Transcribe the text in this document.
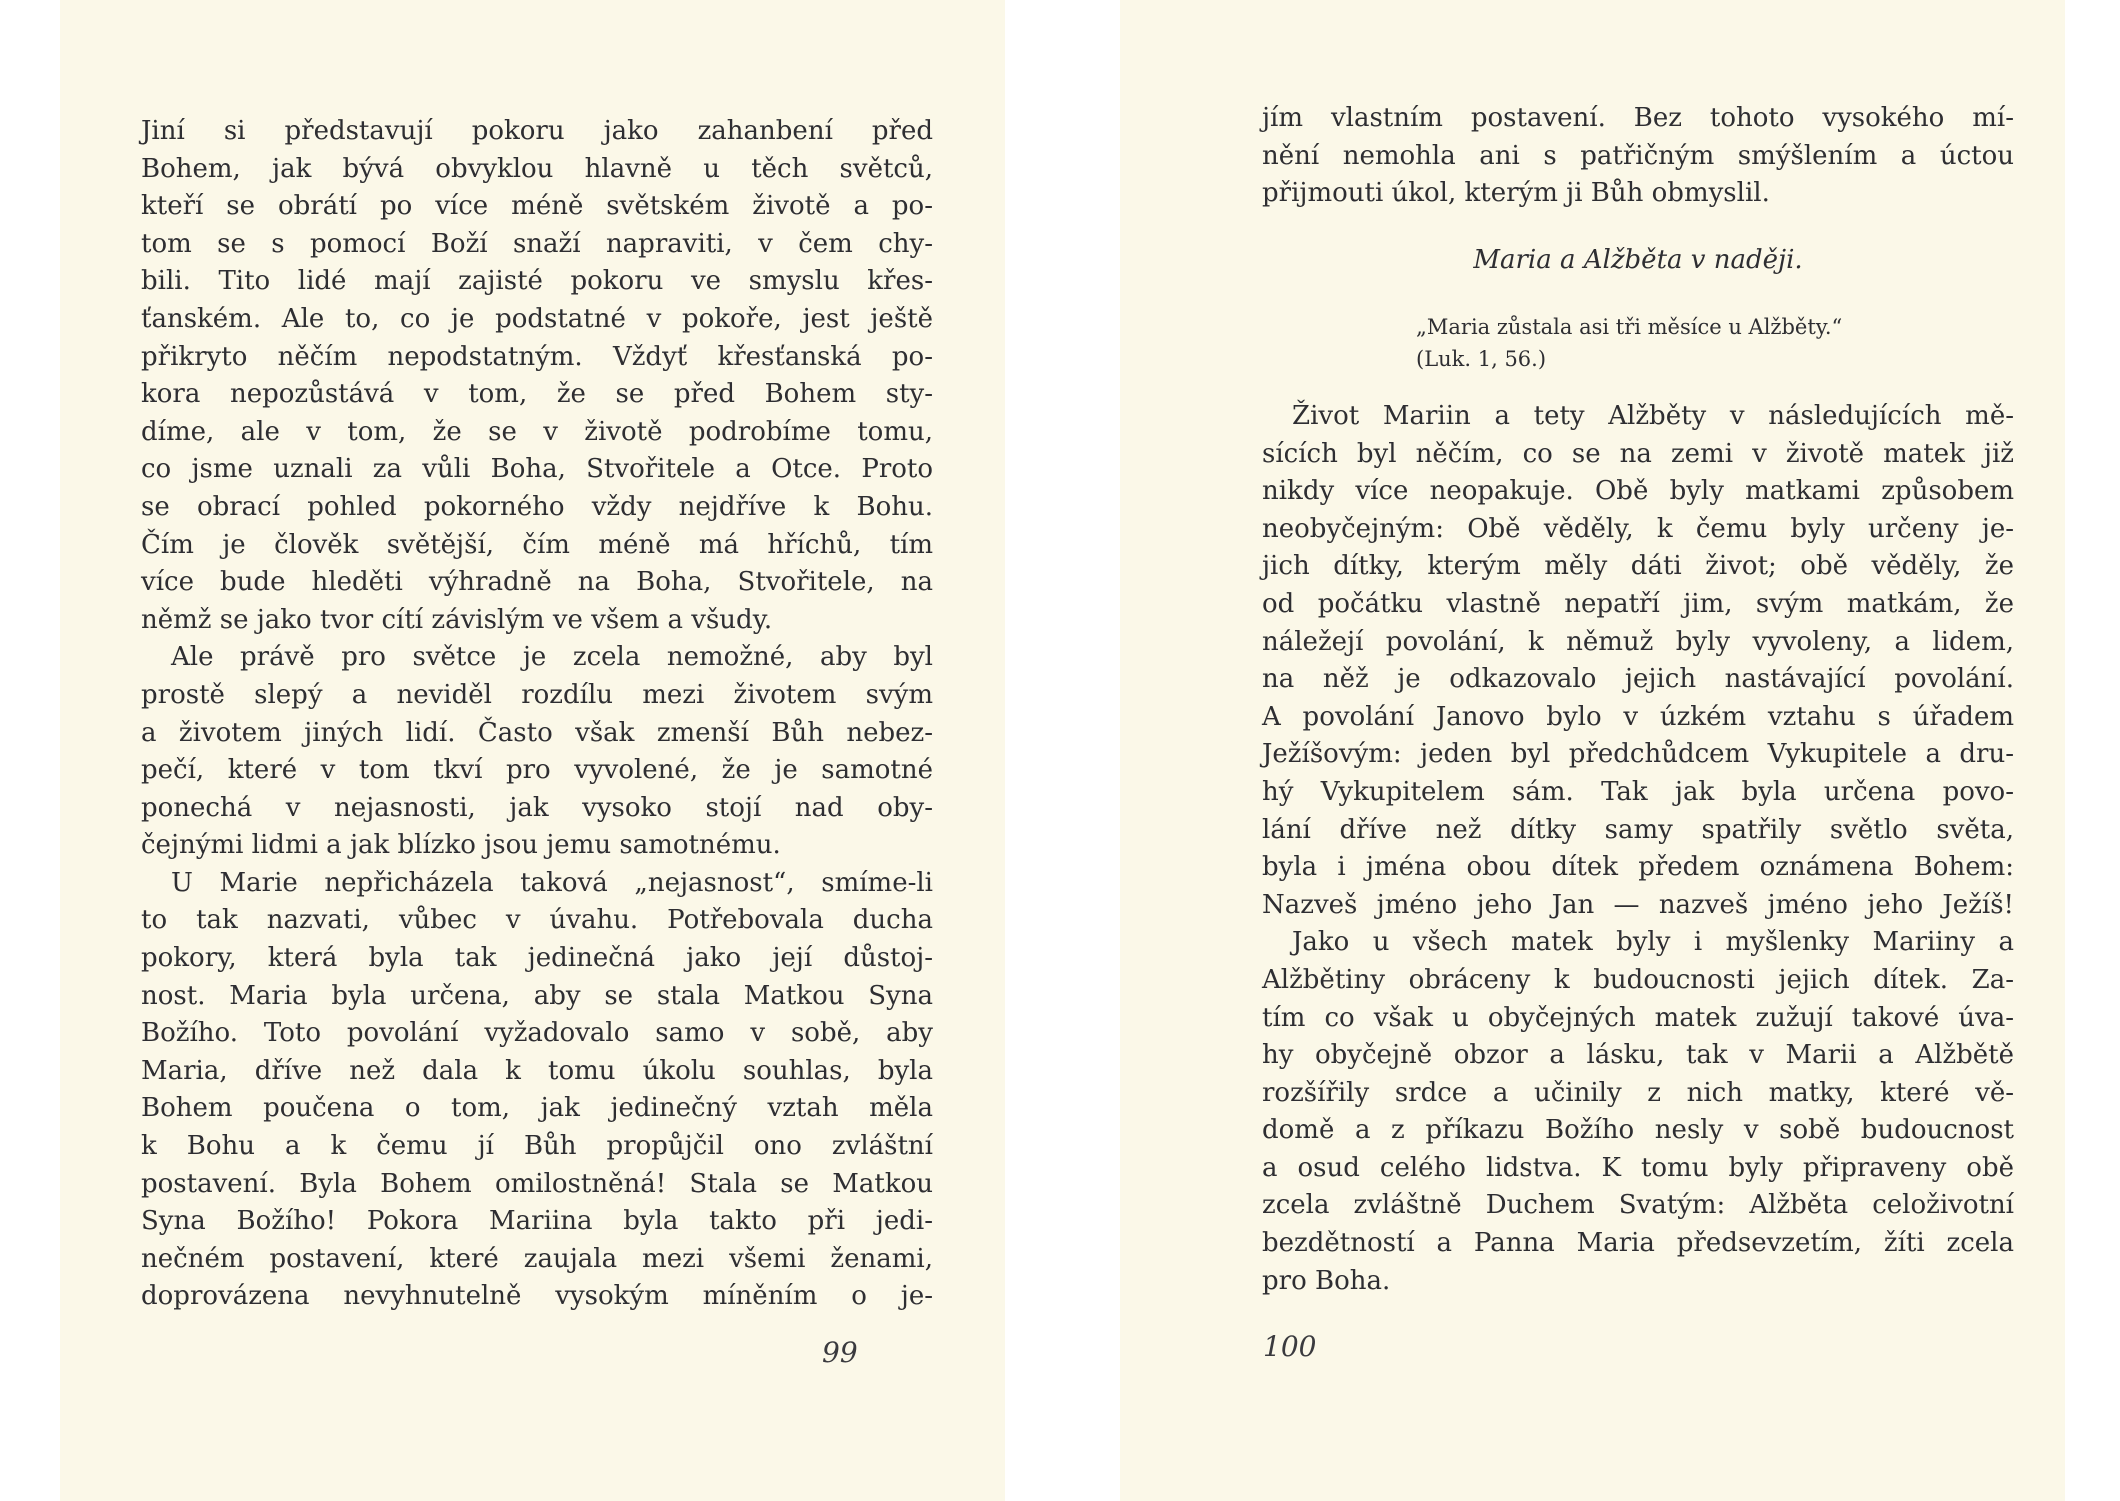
Jiní si představují pokoru jako zahanbení před
Bohem, jak bývá obvyklou hlavně u těch světců,
kteří se obrátí po více méně světském životě a po-
tom se s pomocí Boží snaží napraviti, v čem chy-
bili. Tito lidé mají zajisté pokoru ve smyslu křes-
ťanském. Ale to, co je podstatné v pokoře, jest ještě
přikryto něčím nepodstatným. Vždyť křesťanská po-
kora nepozůstává v tom, že se před Bohem sty-
díme, ale v tom, že se v životě podrobíme tomu,
co jsme uznali za vůli Boha, Stvořitele a Otce. Proto
se obrací pohled pokorného vždy nejdříve k Bohu.
Čím je člověk světější, čím méně má hříchů, tím
více bude hleděti výhradně na Boha, Stvořitele, na
němž se jako tvor cítí závislým ve všem a všudy.
Ale právě pro světce je zcela nemožné, aby byl
prostě slepý a neviděl rozdílu mezi životem svým
a životem jiných lidí. Často však zmenší Bůh nebez-
pečí, které v tom tkví pro vyvolené, že je samotné
ponechá v nejasnosti, jak vysoko stojí nad oby-
čejnými lidmi a jak blízko jsou jemu samotnému.
U Marie nepřicházela taková „nejasnost“, smíme-li
to tak nazvati, vůbec v úvahu. Potřebovala ducha
pokory, která byla tak jedinečná jako její důstoj-
nost. Maria byla určena, aby se stala Matkou Syna
Božího. Toto povolání vyžadovalo samo v sobě, aby
Maria, dříve než dala k tomu úkolu souhlas, byla
Bohem poučena o tom, jak jedinečný vztah měla
k Bohu a k čemu jí Bůh propůjčil ono zvláštní
postavení. Byla Bohem omilostněná! Stala se Matkou
Syna Božího! Pokora Mariina byla takto při jedi-
nečném postavení, které zaujala mezi všemi ženami,
doprovázena nevyhnutelně vysokým míněním o je-
99
jím vlastním postavení. Bez tohoto vysokého mí-
nění nemohla ani s patřičným smýšlením a úctou
přijmouti úkol, kterým ji Bůh obmyslil.
Maria a Alžběta v naději.
„Maria zůstala asi tři měsíce u Alžběty.“
(Luk. 1, 56.)
Život Mariin a tety Alžběty v následujících mě-
sících byl něčím, co se na zemi v životě matek již
nikdy více neopakuje. Obě byly matkami způsobem
neobyčejným: Obě věděly, k čemu byly určeny je-
jich dítky, kterým měly dáti život; obě věděly, že
od počátku vlastně nepatří jim, svým matkám, že
náležejí povolání, k němuž byly vyvoleny, a lidem,
na něž je odkazovalo jejich nastávající povolání.
A povolání Janovo bylo v úzkém vztahu s úřadem
Ježíšovým: jeden byl předchůdcem Vykupitele a dru-
hý Vykupitelem sám. Tak jak byla určena povo-
lání dříve než dítky samy spatřily světlo světa,
byla i jména obou dítek předem oznámena Bohem:
Nazveš jméno jeho Jan — nazveš jméno jeho Ježíš!
Jako u všech matek byly i myšlenky Mariiny a
Alžbětiny obráceny k budoucnosti jejich dítek. Za-
tím co však u obyčejných matek zužují takové úva-
hy obyčejně obzor a lásku, tak v Marii a Alžbětě
rozšířily srdce a učinily z nich matky, které vě-
domě a z příkazu Božího nesly v sobě budoucnost
a osud celého lidstva. K tomu byly připraveny obě
zcela zvláštně Duchem Svatým: Alžběta celoživotní
bezdětností a Panna Maria předsevzetím, žíti zcela
pro Boha.
100
